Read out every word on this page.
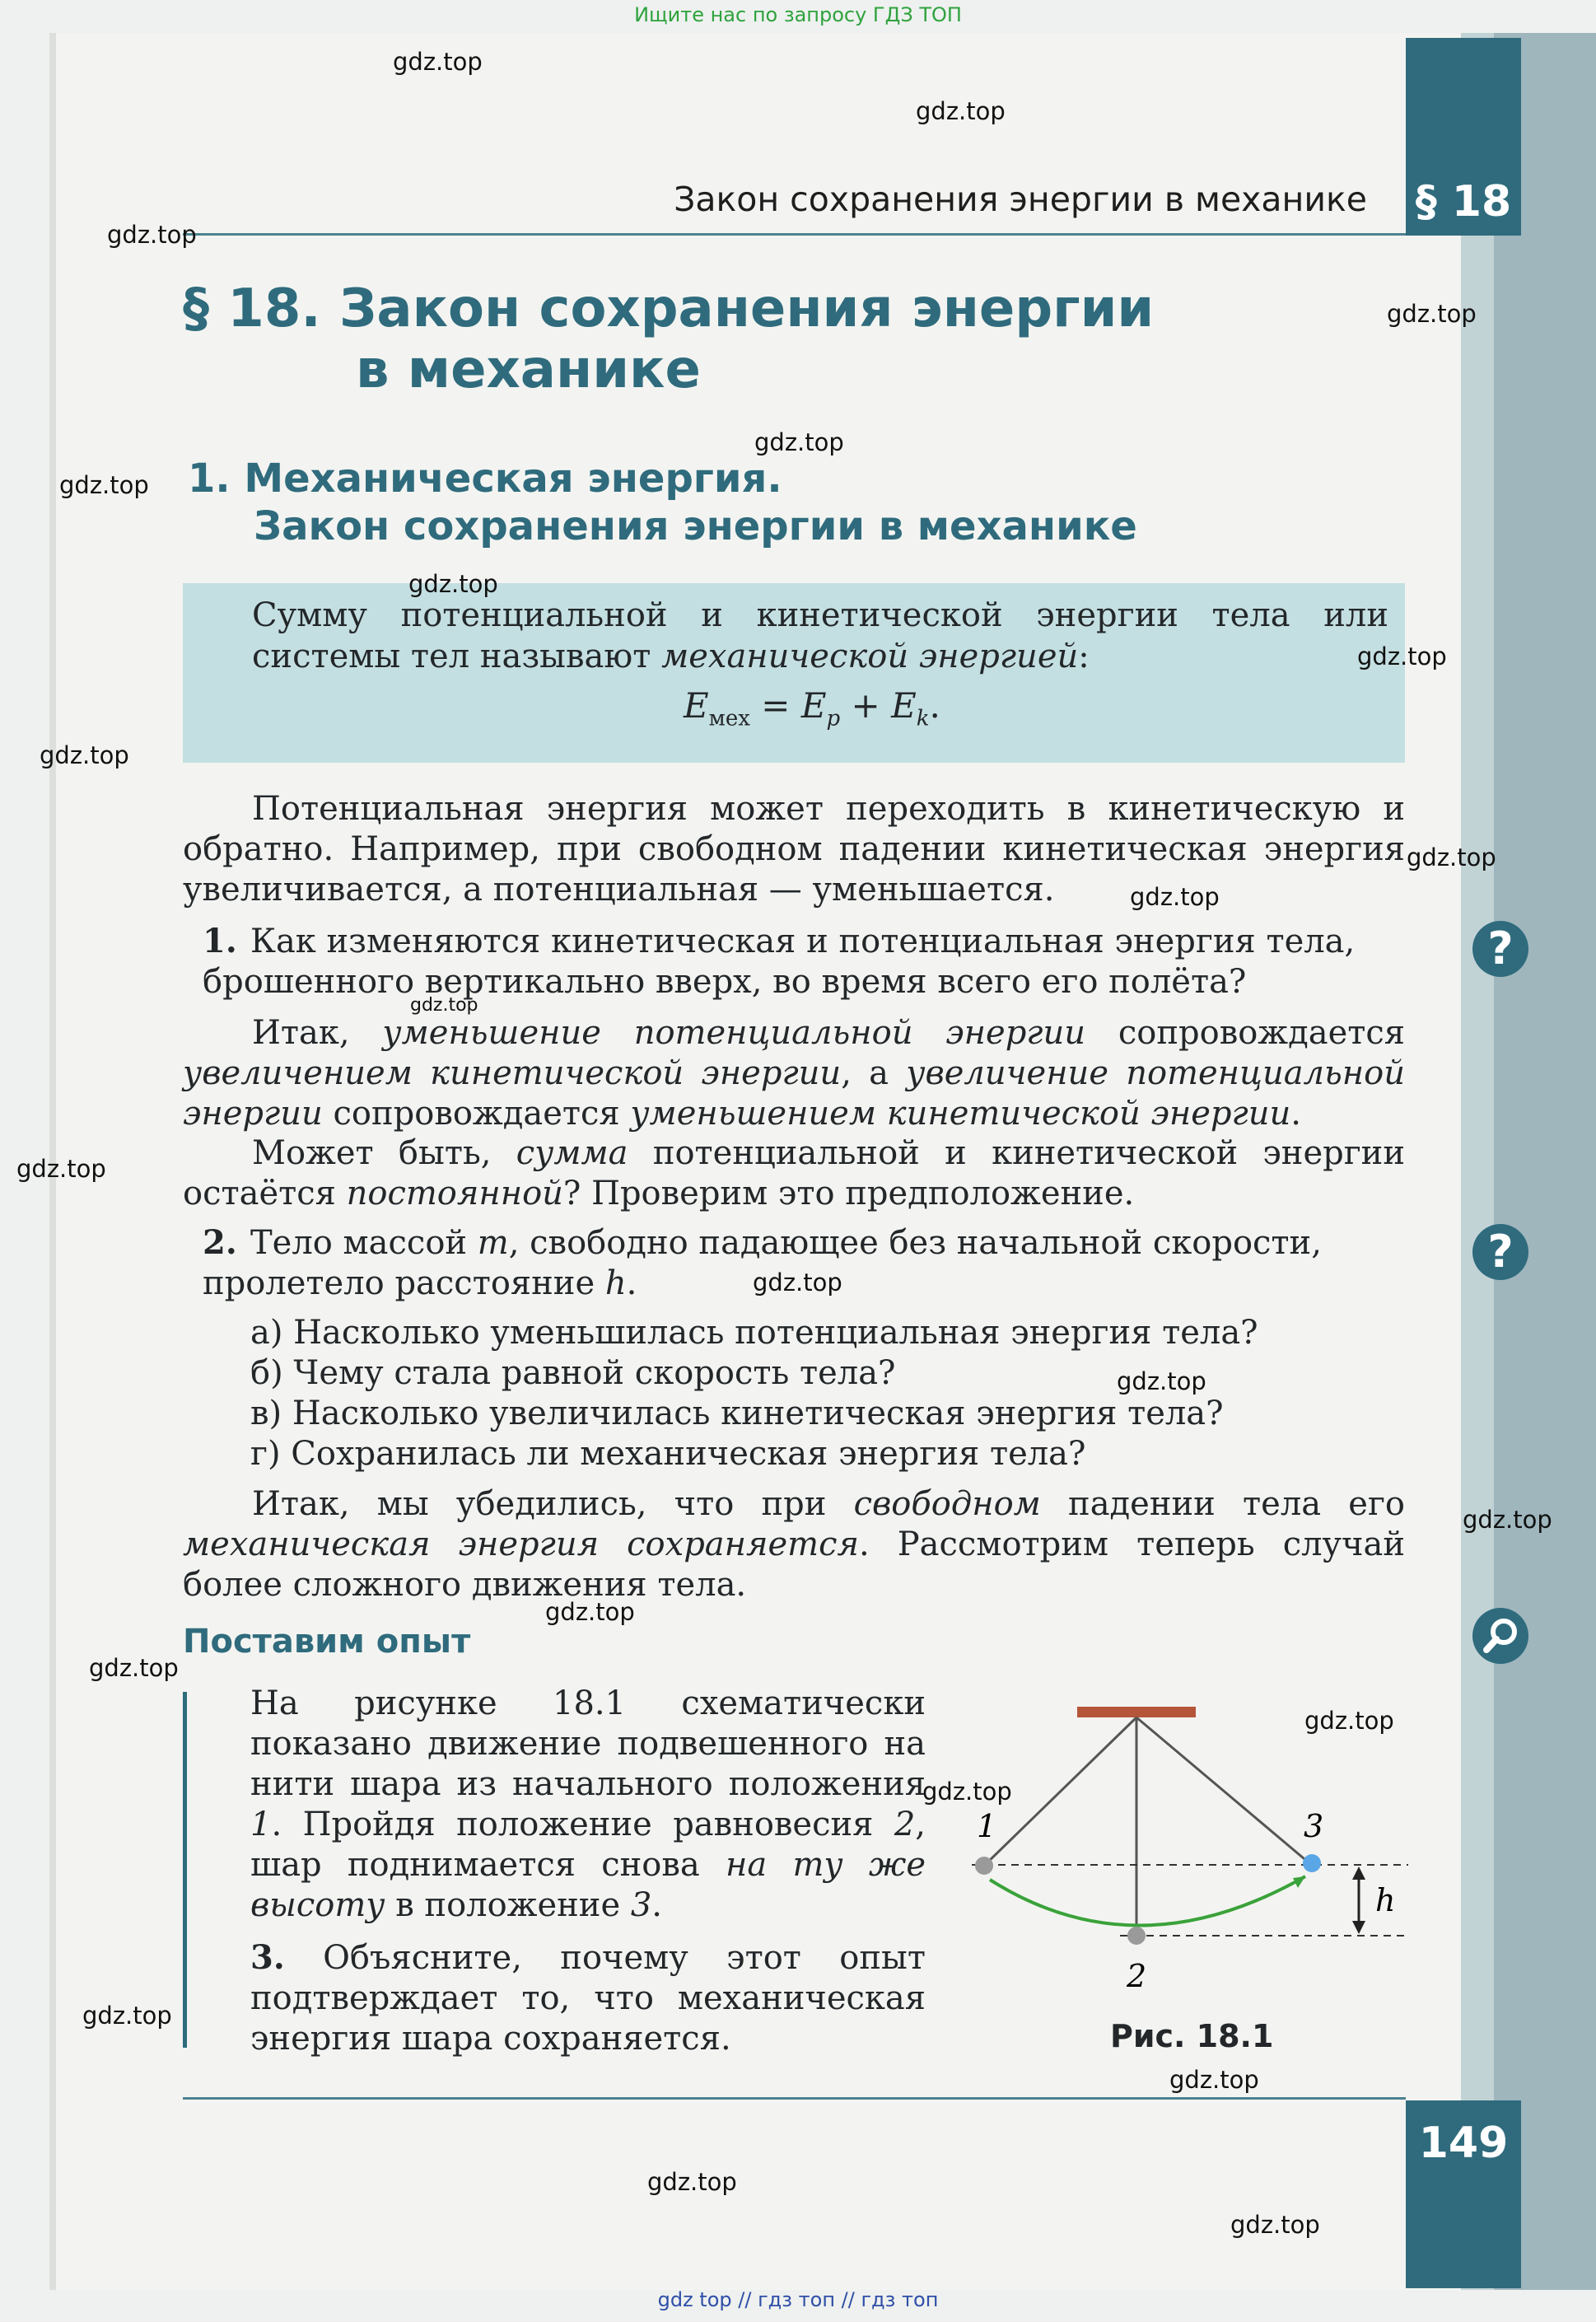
Ищите нас по запросу ГДЗ ТОП
§ 18
Закон сохранения энергии в механике
§ 18. Закон сохранения энергии
в механике
1. Механическая энергия.
Закон сохранения энергии в механике
Сумму потенциальной и кинетической энергии тела или системы тел называют механической энергией:
$E_{мех} = E_p + E_k$.
Потенциальная энергия может переходить в кинетическую и обратно. Например, при свободном падении кинетическая энергия увеличивается, а потенциальная — уменьшается.
1. Как изменяются кинетическая и потенциальная энергия тела, брошенного вертикально вверх, во время всего его полёта?
?
Итак, уменьшение потенциальной энергии сопровождается увеличением кинетической энергии, а увеличение потенциальной энергии сопровождается уменьшением кинетической энергии.
Может быть, сумма потенциальной и кинетической энергии остаётся постоянной? Проверим это предположение.
2. Тело массой m, свободно падающее без начальной скорости, пролетело расстояние h.
?
а) Насколько уменьшилась потенциальная энергия тела?
б) Чему стала равной скорость тела?
в) Насколько увеличилась кинетическая энергия тела?
г) Сохранилась ли механическая энергия тела?
Итак, мы убедились, что при свободном падении тела его механическая энергия сохраняется. Рассмотрим теперь случай более сложного движения тела.
Поставим опыт
На рисунке 18.1 схематически показано движение подвешенного на нити шара из начального положения 1. Пройдя положение равновесия 2, шар поднимается снова на ту же высоту в положение 3.
3. Объясните, почему этот опыт подтверждает то, что механическая энергия шара сохраняется.
1
2
3
h
Рис. 18.1
149
gdz top // гдз топ // гдз топ
gdz.top
gdz.top
gdz.top
gdz.top
gdz.top
gdz.top
gdz.top
gdz.top
gdz.top
gdz.top
gdz.top
gdz.top
gdz.top
gdz.top
gdz.top
gdz.top
gdz.top
gdz.top
gdz.top
gdz.top
gdz.top
gdz.top
gdz.top
gdz.top
